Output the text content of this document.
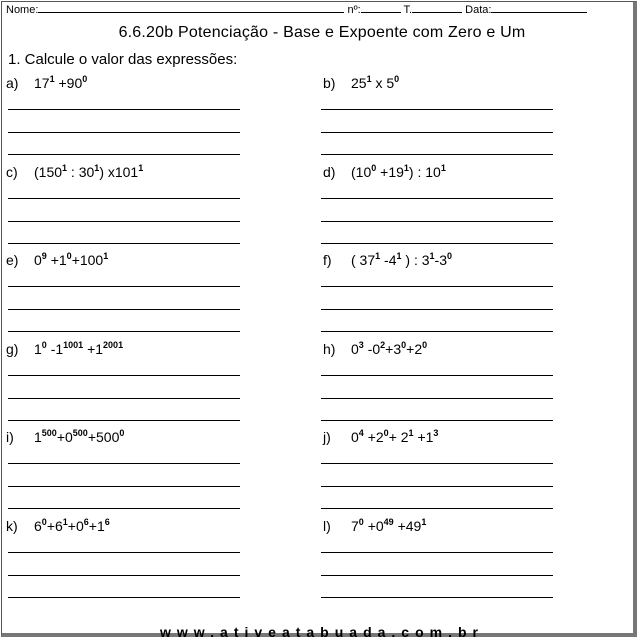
Nome:	nº:	T.	Data:
6.6.20b Potenciação - Base e Expoente com Zero e Um
1. Calcule o valor das expressões:
a) $17^1 +90^0$	b) $25^1$ x $5^0$
c) ($150^1$ : $30^1$) $x101^1$	d) $(10^0 +19^1)$ : $10^1$
e) $0^9 +1^0+100^1$	f) ( $37^1$ $-4^1$ ) : $3^1-3^0$
g) $1^0$ $-1^{1001} +1^{2001}$	h) $0^3$ $-0^2+3^0+2^0$
i) $1^{500}+0^{500}+500^0$	j) $0^4 +2^0+ 2^1 +1^3$
k) $6^0+6^1+0^6+1^6$	l) $7^0 +0^{49} +49^1$
www.ativeatabuada.com.br
